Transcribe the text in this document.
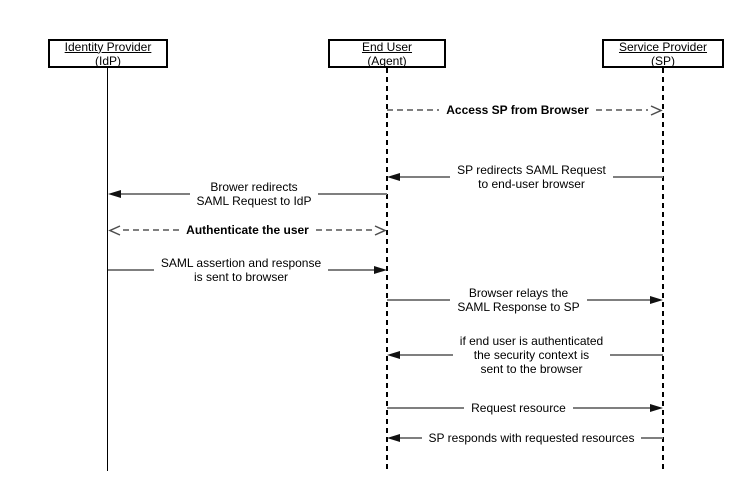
Identity Provider
(IdP)
End User
(Agent)
Service Provider
(SP)
Access SP from Browser
SP redirects SAML Request
to end-user browser
Brower redirects
SAML Request to IdP
Authenticate the user
SAML assertion and response
is sent to browser
Browser relays the
SAML Response to SP
if end user is authenticated
the security context is
sent to the browser
Request resource
SP responds with requested resources
